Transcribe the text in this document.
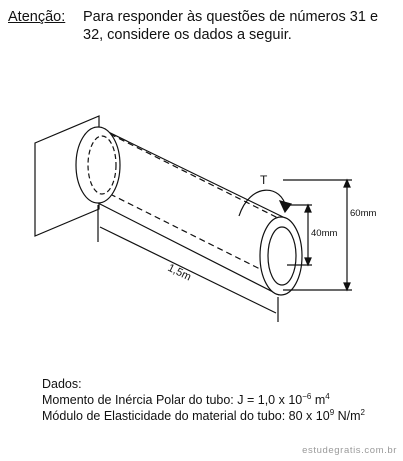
Atenção: Para responder às questões de números 31 e 32, considere os dados a seguir.
T
1,5m
40mm
60mm
Dados:
Momento de Inércia Polar do tubo: J = 1,0 x $10^{-6}$ $m^4$
Módulo de Elasticidade do material do tubo: 80 x $10^9$ $N/m^2$
estudegratis.com.br
